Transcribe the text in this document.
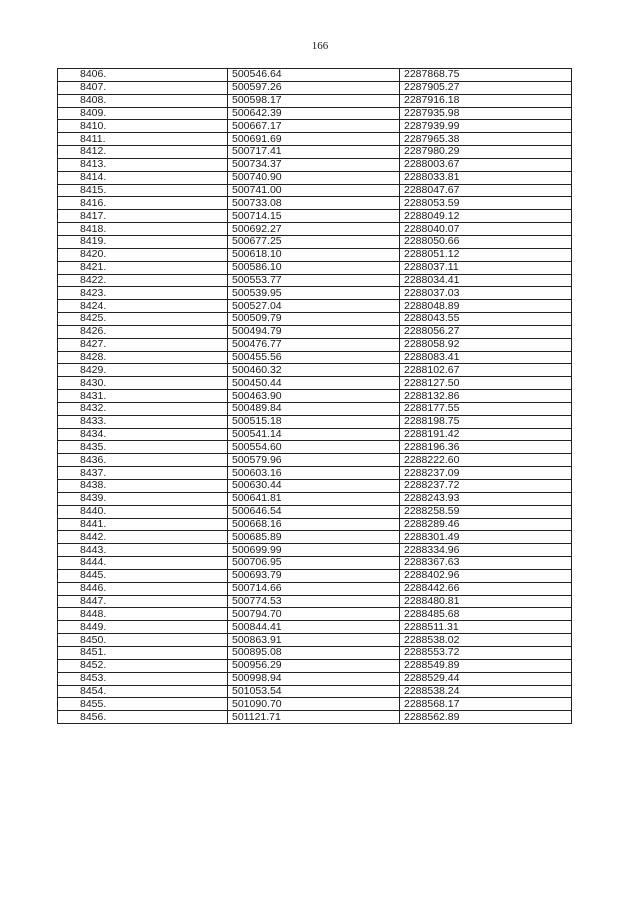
166
8406.	500546.64	2287868.75
8407.	500597.26	2287905.27
8408.	500598.17	2287916.18
8409.	500642.39	2287935.98
8410.	500667.17	2287939.99
8411.	500691.69	2287965.38
8412.	500717.41	2287980.29
8413.	500734.37	2288003.67
8414.	500740.90	2288033.81
8415.	500741.00	2288047.67
8416.	500733.08	2288053.59
8417.	500714.15	2288049.12
8418.	500692.27	2288040.07
8419.	500677.25	2288050.66
8420.	500618.10	2288051.12
8421.	500586.10	2288037.11
8422.	500553.77	2288034.41
8423.	500539.95	2288037.03
8424.	500527.04	2288048.89
8425.	500509.79	2288043.55
8426.	500494.79	2288056.27
8427.	500476.77	2288058.92
8428.	500455.56	2288083.41
8429.	500460.32	2288102.67
8430.	500450.44	2288127.50
8431.	500463.90	2288132.86
8432.	500489.84	2288177.55
8433.	500515.18	2288198.75
8434.	500541.14	2288191.42
8435.	500554.60	2288196.36
8436.	500579.96	2288222.60
8437.	500603.16	2288237.09
8438.	500630.44	2288237.72
8439.	500641.81	2288243.93
8440.	500646.54	2288258.59
8441.	500668.16	2288289.46
8442.	500685.89	2288301.49
8443.	500699.99	2288334.96
8444.	500706.95	2288367.63
8445.	500693.79	2288402.96
8446.	500714.66	2288442.66
8447.	500774.53	2288480.81
8448.	500794.70	2288485.68
8449.	500844.41	2288511.31
8450.	500863.91	2288538.02
8451.	500895.08	2288553.72
8452.	500956.29	2288549.89
8453.	500998.94	2288529.44
8454.	501053.54	2288538.24
8455.	501090.70	2288568.17
8456.	501121.71	2288562.89
